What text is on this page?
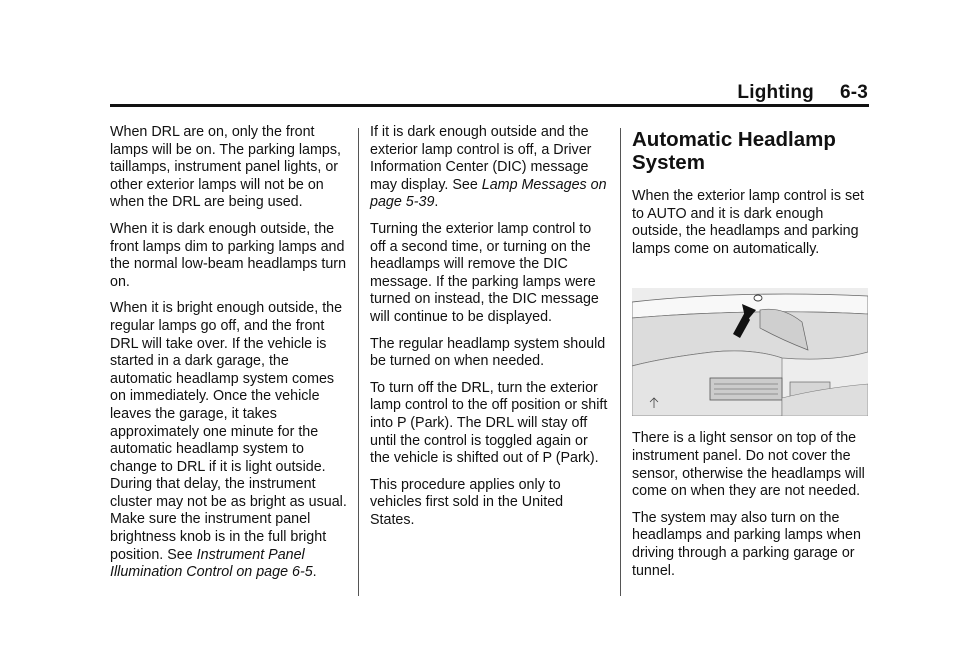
Lighting 6-3

When DRL are on, only the front lamps will be on. The parking lamps, taillamps, instrument panel lights, or other exterior lamps will not be on when the DRL are being used.

When it is dark enough outside, the front lamps dim to parking lamps and the normal low-beam headlamps turn on.

When it is bright enough outside, the regular lamps go off, and the front DRL will take over. If the vehicle is started in a dark garage, the automatic headlamp system comes on immediately. Once the vehicle leaves the garage, it takes approximately one minute for the automatic headlamp system to change to DRL if it is light outside. During that delay, the instrument cluster may not be as bright as usual. Make sure the instrument panel brightness knob is in the full bright position. See Instrument Panel Illumination Control on page 6-5.

If it is dark enough outside and the exterior lamp control is off, a Driver Information Center (DIC) message may display. See Lamp Messages on page 5-39.

Turning the exterior lamp control to off a second time, or turning on the headlamps will remove the DIC message. If the parking lamps were turned on instead, the DIC message will continue to be displayed.

The regular headlamp system should be turned on when needed.

To turn off the DRL, turn the exterior lamp control to the off position or shift into P (Park). The DRL will stay off until the control is toggled again or the vehicle is shifted out of P (Park).

This procedure applies only to vehicles first sold in the United States.

Automatic Headlamp System

When the exterior lamp control is set to AUTO and it is dark enough outside, the headlamps and parking lamps come on automatically.

There is a light sensor on top of the instrument panel. Do not cover the sensor, otherwise the headlamps will come on when they are not needed.

The system may also turn on the headlamps and parking lamps when driving through a parking garage or tunnel.
